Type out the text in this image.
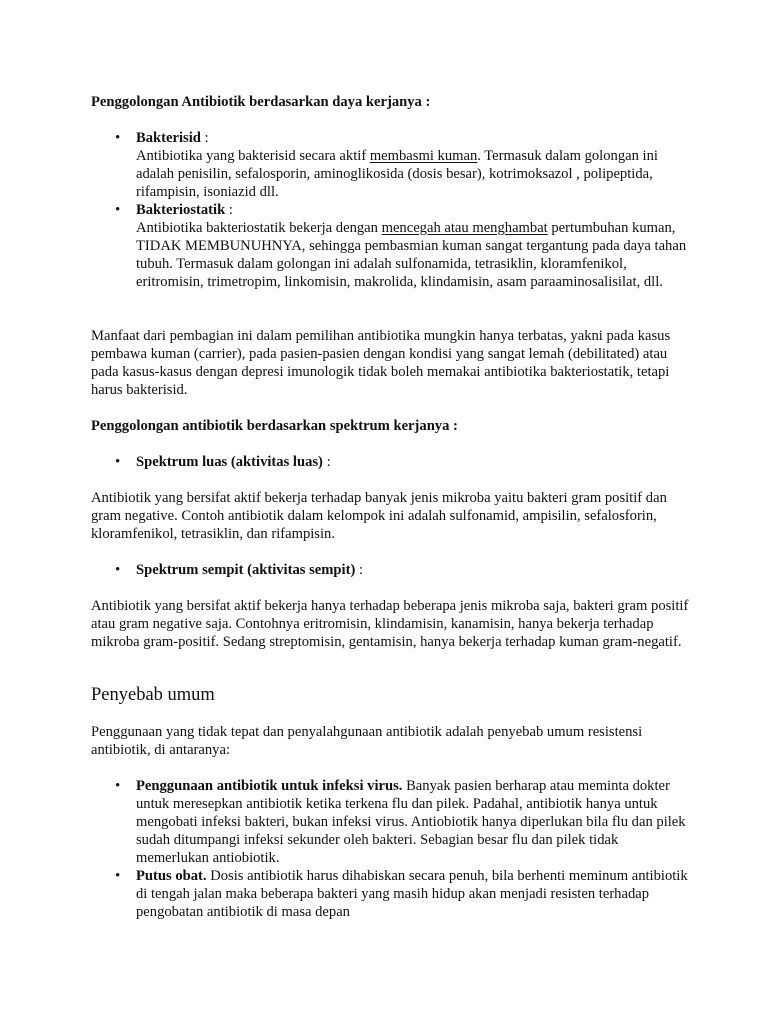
Penggolongan Antibiotik berdasarkan daya kerjanya :

• Bakterisid :
Antibiotika yang bakterisid secara aktif membasmi kuman. Termasuk dalam golongan ini adalah penisilin, sefalosporin, aminoglikosida (dosis besar), kotrimoksazol , polipeptida, rifampisin, isoniazid dll.
• Bakteriostatik :
Antibiotika bakteriostatik bekerja dengan mencegah atau menghambat pertumbuhan kuman, TIDAK MEMBUNUHNYA, sehingga pembasmian kuman sangat tergantung pada daya tahan tubuh. Termasuk dalam golongan ini adalah sulfonamida, tetrasiklin, kloramfenikol, eritromisin, trimetropim, linkomisin, makrolida, klindamisin, asam paraaminosalisilat, dll.

Manfaat dari pembagian ini dalam pemilihan antibiotika mungkin hanya terbatas, yakni pada kasus pembawa kuman (carrier), pada pasien-pasien dengan kondisi yang sangat lemah (debilitated) atau pada kasus-kasus dengan depresi imunologik tidak boleh memakai antibiotika bakteriostatik, tetapi harus bakterisid.

Penggolongan antibiotik berdasarkan spektrum kerjanya :

• Spektrum luas (aktivitas luas) :

Antibiotik yang bersifat aktif bekerja terhadap banyak jenis mikroba yaitu bakteri gram positif dan gram negative. Contoh antibiotik dalam kelompok ini adalah sulfonamid, ampisilin, sefalosforin, kloramfenikol, tetrasiklin, dan rifampisin.

• Spektrum sempit (aktivitas sempit) :

Antibiotik yang bersifat aktif bekerja hanya terhadap beberapa jenis mikroba saja, bakteri gram positif atau gram negative saja. Contohnya eritromisin, klindamisin, kanamisin, hanya bekerja terhadap mikroba gram-positif. Sedang streptomisin, gentamisin, hanya bekerja terhadap kuman gram-negatif.

Penyebab umum

Penggunaan yang tidak tepat dan penyalahgunaan antibiotik adalah penyebab umum resistensi antibiotik, di antaranya:

• Penggunaan antibiotik untuk infeksi virus. Banyak pasien berharap atau meminta dokter untuk meresepkan antibiotik ketika terkena flu dan pilek. Padahal, antibiotik hanya untuk mengobati infeksi bakteri, bukan infeksi virus. Antiobiotik hanya diperlukan bila flu dan pilek sudah ditumpangi infeksi sekunder oleh bakteri. Sebagian besar flu dan pilek tidak memerlukan antiobiotik.
• Putus obat. Dosis antibiotik harus dihabiskan secara penuh, bila berhenti meminum antibiotik di tengah jalan maka beberapa bakteri yang masih hidup akan menjadi resisten terhadap pengobatan antibiotik di masa depan
